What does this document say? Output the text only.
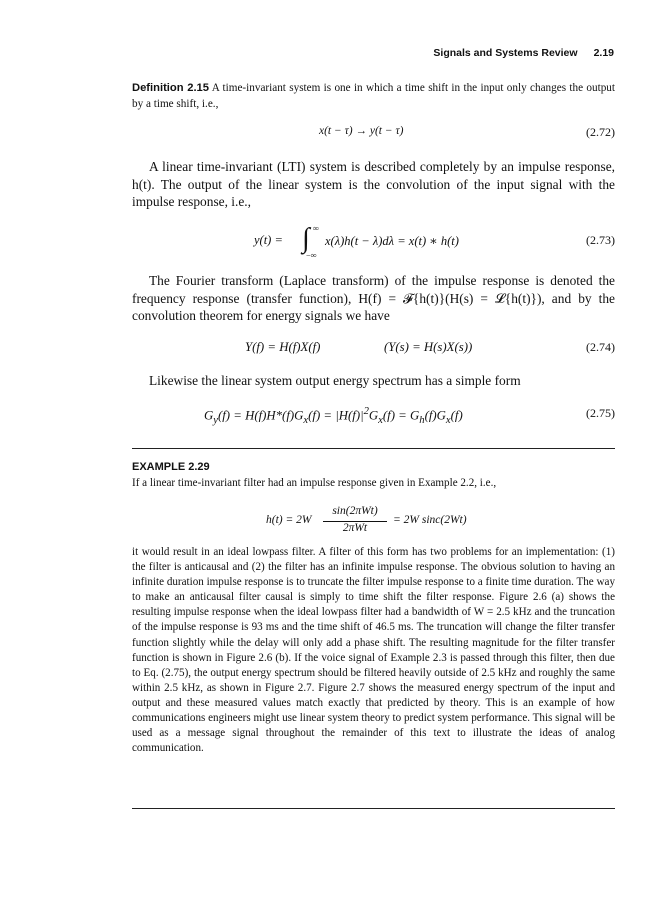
Signals and Systems Review 2.19
Definition 2.15 A time-invariant system is one in which a time shift in the input only changes the output by a time shift, i.e.,
x(t − τ) → y(t − τ)	(2.72)
A linear time-invariant (LTI) system is described completely by an impulse response, h(t). The output of the linear system is the convolution of the input signal with the impulse response, i.e.,
y(t) = ∫ ∞
−∞
x(λ)h(t − λ)dλ = x(t) ∗ h(t)	(2.73)
The Fourier transform (Laplace transform) of the impulse response is denoted the frequency response (transfer function), H(f) = 𝓕{h(t)}(H(s) = 𝓛{h(t)}), and by the convolution theorem for energy signals we have
Y(f) = H(f)X(f)	(Y(s) = H(s)X(s))	(2.74)
Likewise the linear system output energy spectrum has a simple form
$G_y(f) = H(f)H*(f)G_x(f) = |H(f)|^2G_x(f) = G_h(f)G_x(f)$	(2.75)
EXAMPLE 2.29
If a linear time-invariant filter had an impulse response given in Example 2.2, i.e.,
h(t) = 2W
sin(2πWt)
2πWt
= 2W sinc(2Wt)
it would result in an ideal lowpass filter. A filter of this form has two problems for an implementation: (1) the filter is anticausal and (2) the filter has an infinite impulse response. The obvious solution to having an infinite duration impulse response is to truncate the filter impulse response to a finite time duration. The way to make an anticausal filter causal is simply to time shift the filter response. Figure 2.6 (a) shows the resulting impulse response when the ideal lowpass filter had a bandwidth of W = 2.5 kHz and the truncation of the impulse response is 93 ms and the time shift of 46.5 ms. The truncation will change the filter transfer function slightly while the delay will only add a phase shift. The resulting magnitude for the filter transfer function is shown in Figure 2.6 (b). If the voice signal of Example 2.3 is passed through this filter, then due to Eq. (2.75), the output energy spectrum should be filtered heavily outside of 2.5 kHz and roughly the same within 2.5 kHz, as shown in Figure 2.7. Figure 2.7 shows the measured energy spectrum of the input and output and these measured values match exactly that predicted by theory. This is an example of how communications engineers might use linear system theory to predict system performance. This signal will be used as a message signal throughout the remainder of this text to illustrate the ideas of analog communication.
